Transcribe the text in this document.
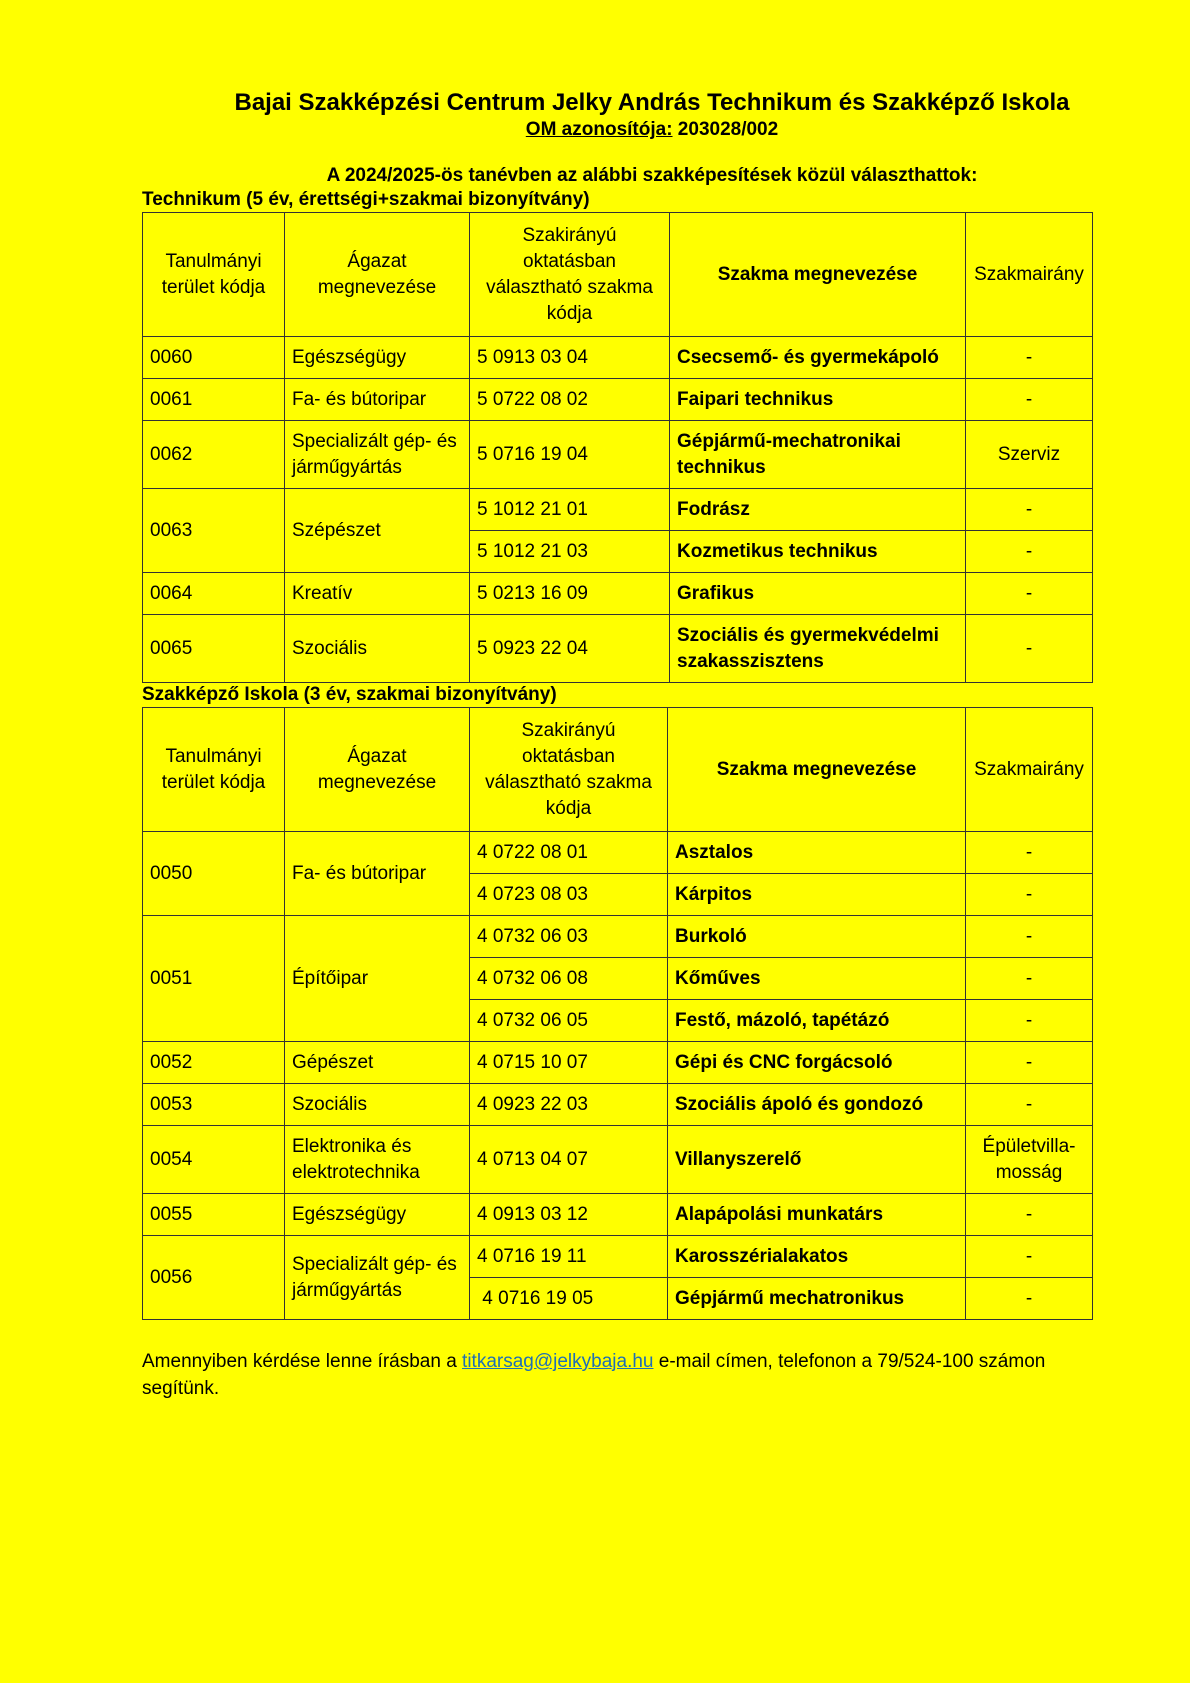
Bajai Szakképzési Centrum Jelky András Technikum és Szakképző Iskola
OM azonosítója: 203028/002
A 2024/2025-ös tanévben az alábbi szakképesítések közül választhattok:
Technikum (5 év, érettségi+szakmai bizonyítvány)
Tanulmányi terület kódja	Ágazat megnevezése	Szakirányú oktatásban választható szakma kódja	Szakma megnevezése	Szakmairány
0060	Egészségügy	5 0913 03 04	Csecsemő- és gyermekápoló	-
0061	Fa- és bútoripar	5 0722 08 02	Faipari technikus	-
0062	Specializált gép- és járműgyártás	5 0716 19 04	Gépjármű-mechatronikai technikus	Szerviz
0063	Szépészet	5 1012 21 01	Fodrász	-
		5 1012 21 03	Kozmetikus technikus	-
0064	Kreatív	5 0213 16 09	Grafikus	-
0065	Szociális	5 0923 22 04	Szociális és gyermekvédelmi szakasszisztens	-
Szakképző Iskola (3 év, szakmai bizonyítvány)
Tanulmányi terület kódja	Ágazat megnevezése	Szakirányú oktatásban választható szakma kódja	Szakma megnevezése	Szakmairány
0050	Fa- és bútoripar	4 0722 08 01	Asztalos	-
		4 0723 08 03	Kárpitos	-
0051	Építőipar	4 0732 06 03	Burkoló	-
		4 0732 06 08	Kőműves	-
		4 0732 06 05	Festő, mázoló, tapétázó	-
0052	Gépészet	4 0715 10 07	Gépi és CNC forgácsoló	-
0053	Szociális	4 0923 22 03	Szociális ápoló és gondozó	-
0054	Elektronika és elektrotechnika	4 0713 04 07	Villanyszerelő	Épületvilla-mosság
0055	Egészségügy	4 0913 03 12	Alapápolási munkatárs	-
0056	Specializált gép- és járműgyártás	4 0716 19 11	Karosszérialakatos	-
		4 0716 19 05	Gépjármű mechatronikus	-
Amennyiben kérdése lenne írásban a titkarsag@jelkybaja.hu e-mail címen, telefonon a 79/524-100 számon segítünk.
